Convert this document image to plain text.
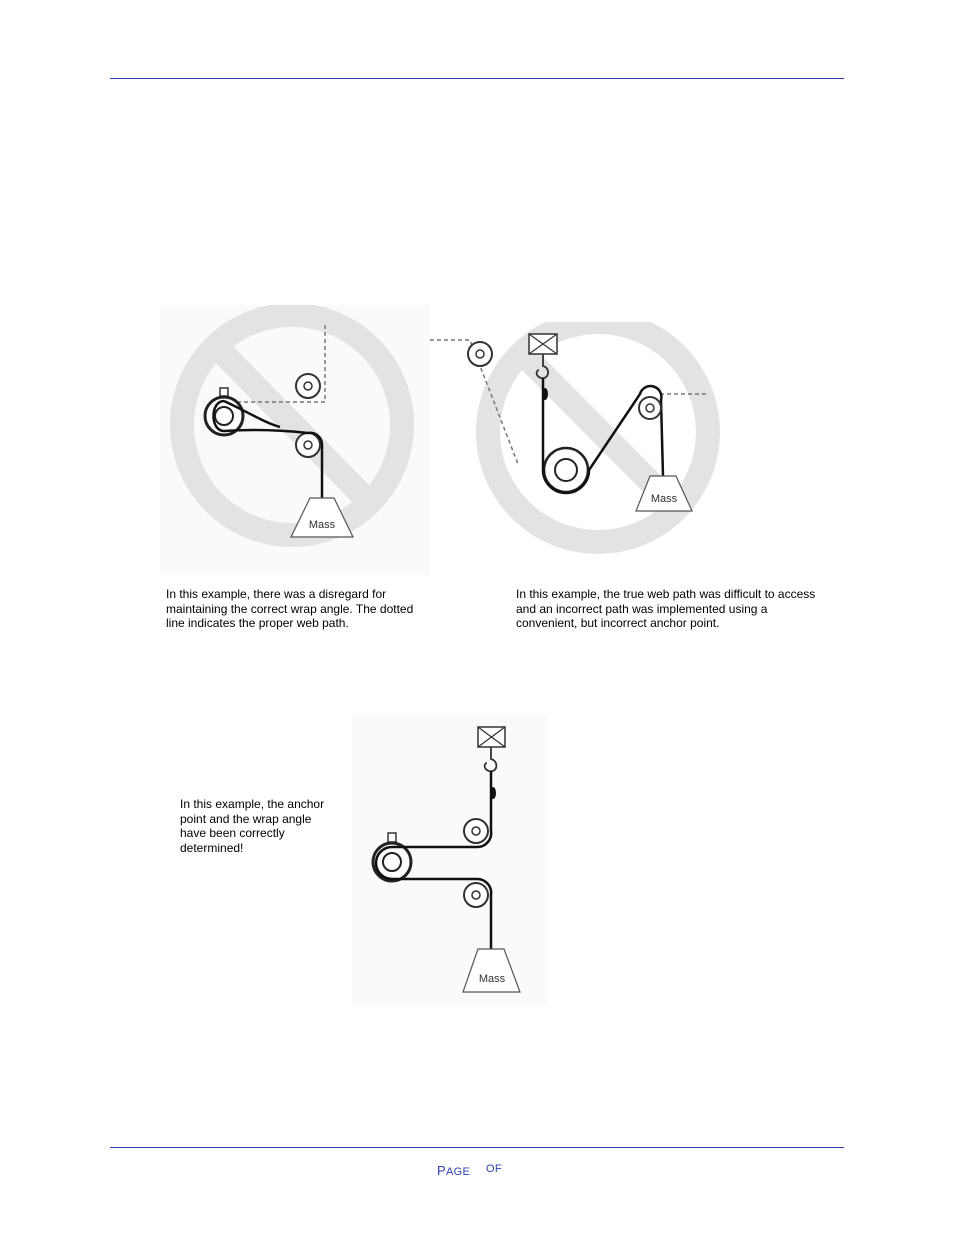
Mass
Mass
In this example, there was a disregard for maintaining the correct wrap angle. The dotted line indicates the proper web path.
In this example, the true web path was difficult to access and an incorrect path was implemented using a convenient, but incorrect anchor point.
Mass
In this example, the anchor point and the wrap angle have been correctly determined!
PAGE OF
